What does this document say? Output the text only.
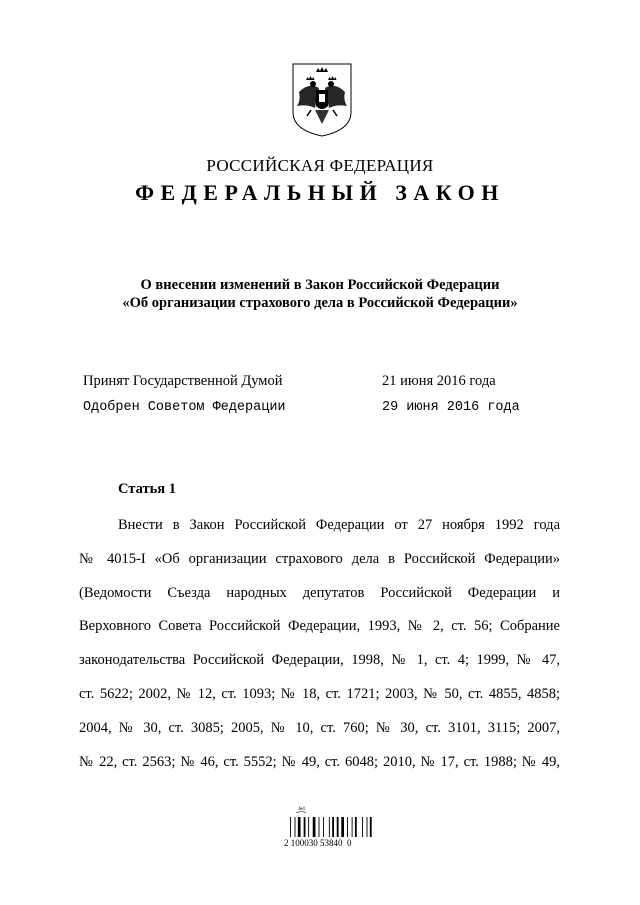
РОССИЙСКАЯ ФЕДЕРАЦИЯ
ФЕДЕРАЛЬНЫЙ ЗАКОН
О внесении изменений в Закон Российской Федерации
«Об организации страхового дела в Российской Федерации»
Принят Государственной Думой	21 июня 2016 года
Одобрен Советом Федерации	29 июня 2016 года
Статья 1
Внести в Закон Российской Федерации от 27 ноября 1992 года
№ 4015-I «Об организации страхового дела в Российской Федерации»
(Ведомости Съезда народных депутатов Российской Федерации и
Верховного Совета Российской Федерации, 1993, № 2, ст. 56; Собрание
законодательства Российской Федерации, 1998, № 1, ст. 4; 1999, № 47,
ст. 5622; 2002, № 12, ст. 1093; № 18, ст. 1721; 2003, № 50, ст. 4855, 4858;
2004, № 30, ст. 3085; 2005, № 10, ст. 760; № 30, ст. 3101, 3115; 2007,
№ 22, ст. 2563; № 46, ст. 5552; № 49, ст. 6048; 2010, № 17, ст. 1988; № 49,
Jed
2 100030 53840  0
